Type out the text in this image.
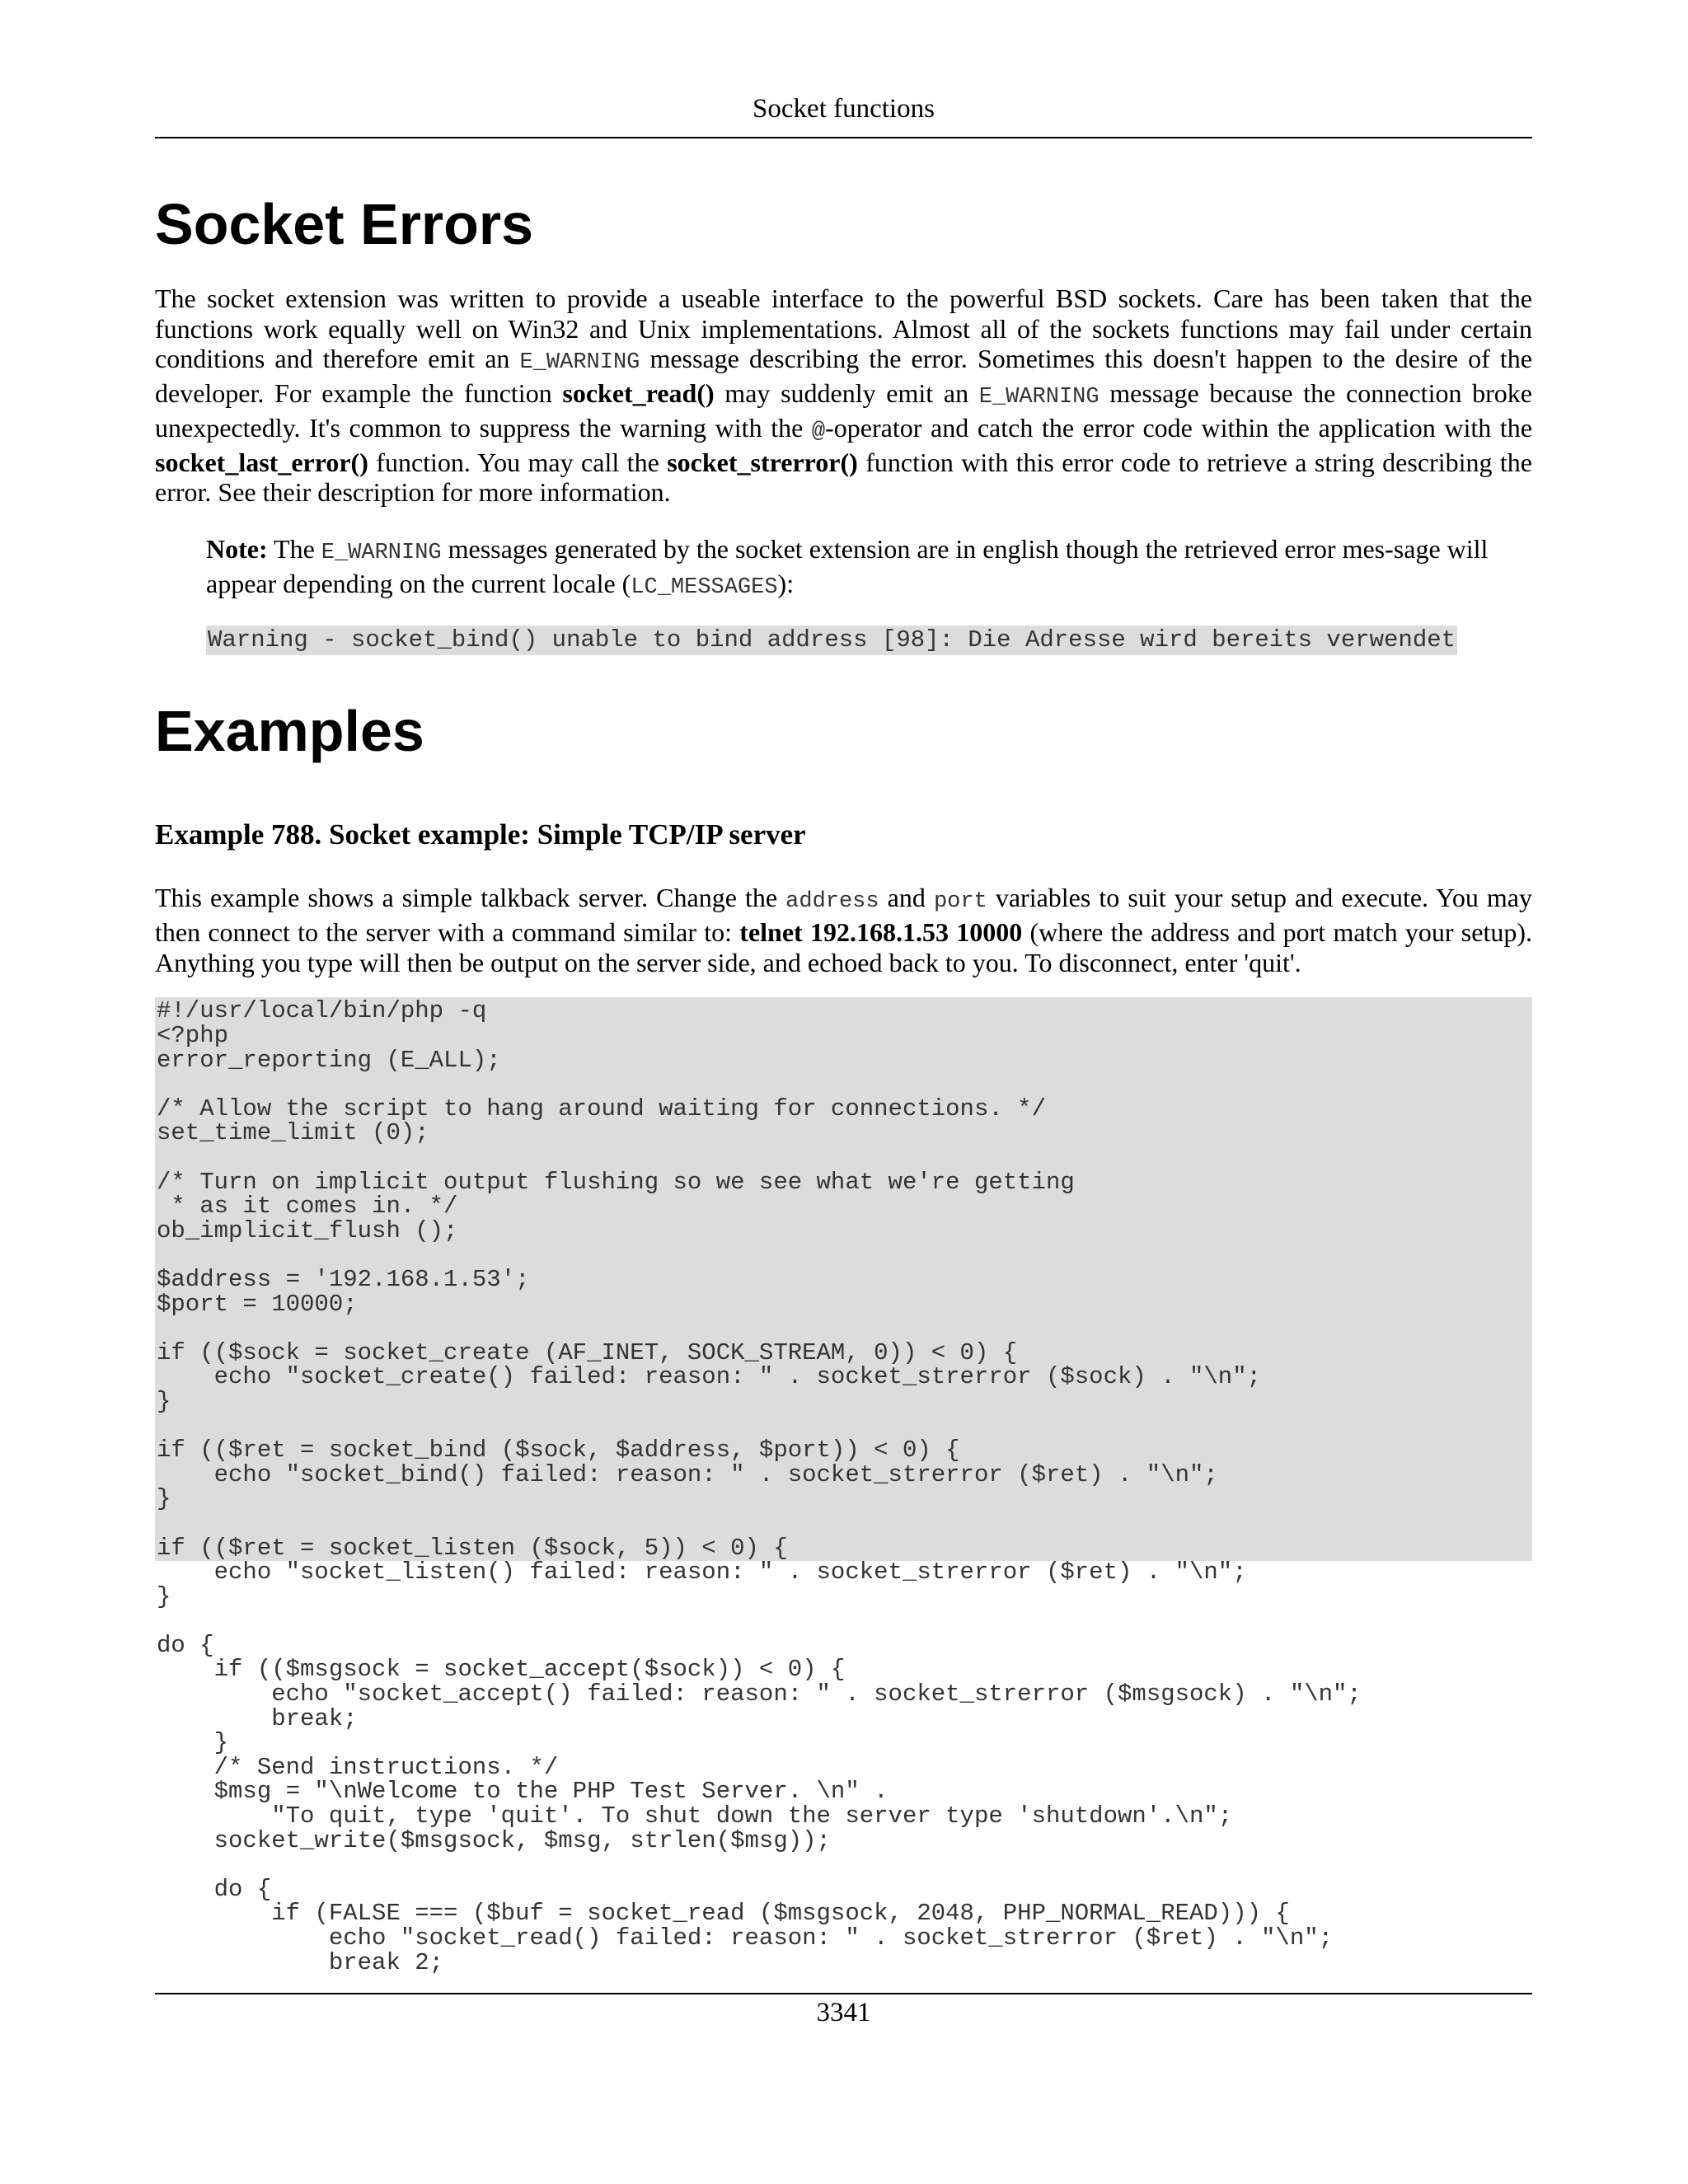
Socket functions
Socket Errors

The socket extension was written to provide a useable interface to the powerful BSD sockets. Care has been taken that the functions work equally well on Win32 and Unix implementations. Almost all of the sockets functions may fail under certain conditions and therefore emit an E_WARNING message describing the error. Sometimes this doesn't happen to the desire of the developer. For example the function socket_read() may suddenly emit an E_WARNING message because the connection broke unexpectedly. It's common to suppress the warning with the @-operator and catch the error code within the application with the socket_last_error() function. You may call the socket_strerror() function with this error code to retrieve a string describing the error. See their description for more information.

Note: The E_WARNING messages generated by the socket extension are in english though the retrieved error mes-sage will appear depending on the current locale (LC_MESSAGES):

Warning - socket_bind() unable to bind address [98]: Die Adresse wird bereits verwendet
Examples
Example 788. Socket example: Simple TCP/IP server

This example shows a simple talkback server. Change the address and port variables to suit your setup and execute. You may then connect to the server with a command similar to: telnet 192.168.1.53 10000 (where the address and port match your setup). Anything you type will then be output on the server side, and echoed back to you. To disconnect, enter 'quit'.

#!/usr/local/bin/php -q
<?php
error_reporting (E_ALL);

/* Allow the script to hang around waiting for connections. */
set_time_limit (0);

/* Turn on implicit output flushing so we see what we're getting
* as it comes in. */
ob_implicit_flush ();

$address = '192.168.1.53';
$port = 10000;

if (($sock = socket_create (AF_INET, SOCK_STREAM, 0)) < 0) {
echo "socket_create() failed: reason: " . socket_strerror ($sock) . "\n";
}

if (($ret = socket_bind ($sock, $address, $port)) < 0) {
echo "socket_bind() failed: reason: " . socket_strerror ($ret) . "\n";
}

if (($ret = socket_listen ($sock, 5)) < 0) {
echo "socket_listen() failed: reason: " . socket_strerror ($ret) . "\n";
}

do {
if (($msgsock = socket_accept($sock)) < 0) {
echo "socket_accept() failed: reason: " . socket_strerror ($msgsock) . "\n";
break;
}
/* Send instructions. */
$msg = "\nWelcome to the PHP Test Server. \n" .
"To quit, type 'quit'. To shut down the server type 'shutdown'.\n";
socket_write($msgsock, $msg, strlen($msg));

do {
if (FALSE === ($buf = socket_read ($msgsock, 2048, PHP_NORMAL_READ))) {
echo "socket_read() failed: reason: " . socket_strerror ($ret) . "\n";
break 2;
3341
